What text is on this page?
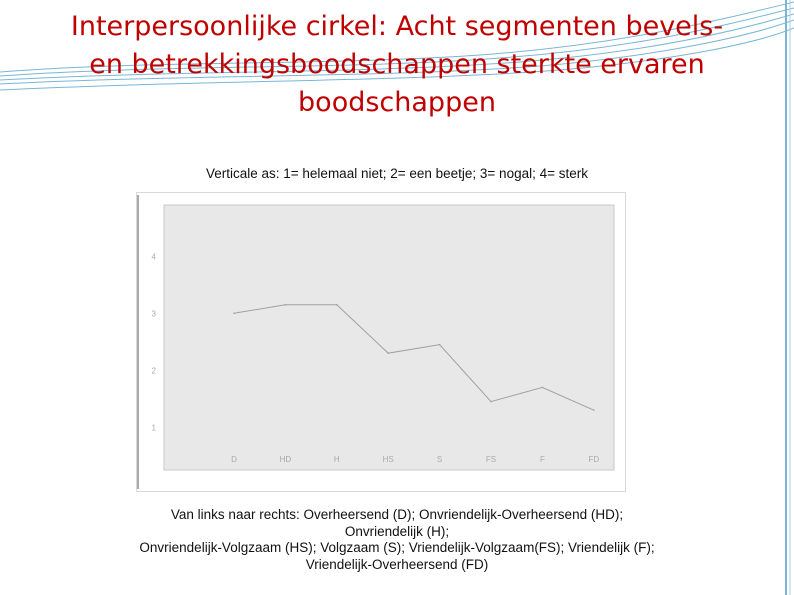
Interpersoonlijke cirkel: Acht segmenten bevels-
en betrekkingsboodschappen sterkte ervaren
boodschappen
Verticale as: 1= helemaal niet; 2= een beetje; 3= nogal; 4= sterk
1
2
3
4
D	HD	H	HS	S	FS	F	FD
Van links naar rechts: Overheersend (D); Onvriendelijk-Overheersend (HD);
Onvriendelijk (H);
Onvriendelijk-Volgzaam (HS); Volgzaam (S); Vriendelijk-Volgzaam(FS); Vriendelijk (F);
Vriendelijk-Overheersend (FD)
